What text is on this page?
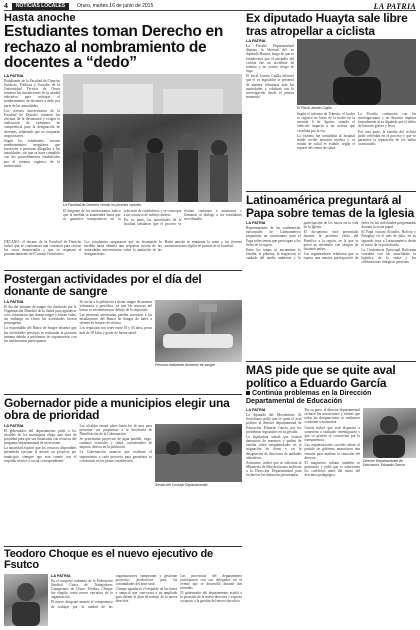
4	NOTICIAS LOCALES	Oruro, martes 16 de junio de 2015	LA PATRIA
Hasta anoche
Estudiantes toman Derecho en rechazo al nombramiento de docentes a “dedo”
LA PATRIA

Estudiantes de la Facultad de Ciencias Jurídicas, Políticas y Sociales de la Universidad Técnica de Oruro tomaron las instalaciones de su unidad educativa para rechazar el nombramiento de docentes a dedo por parte de las autoridades.

Los jóvenes universitarios de la Facultad de Derecho tomaron las oficinas de la decanatura y exigen la realización de exámenes de competencia para la designación de docentes, señalando que no aceptarán imposiciones.

Según los estudiantes, existen nombramientos irregulares que favorecen a personas allegadas a las autoridades, sin que se haya cumplido con los procedimientos establecidos por el estatuto orgánico de la universidad.

La Facultad de Derecho cercan los jóvenes varones

El dirigente de los universitarios indicó que la medida se mantendrá hasta que se garantice transparencia en la selección de catedráticos y se convoque a un concurso de méritos abierto.

Por su parte, las autoridades de la facultad señalaron que el proceso se realizó conforme a normativa y llamaron al diálogo a los estudiantes movilizados.

DECANO: el decano de la Facultad de Derecho indicó que se conformará una comisión para revisar los casos denunciados y que se respetará el pronunciamiento del Consejo Facultativo.

Los estudiantes aseguraron que no levantarán la medida hasta obtener una respuesta escrita de las autoridades universitarias sobre la anulación de las designaciones.

Hasta anoche se mantenía la toma y los jóvenes anunciaron una vigilia en puertas de la facultad.

Postergan actividades por el día del donante de sangre
LA PATRIA

El día del donante de sangre fue instituido por la Organización Mundial de la Salud para agradecer a los voluntarios que donan sangre y salvan vidas, sin embargo en Oruro las actividades fueron postergadas.

La responsable del Banco de Sangre informó que las actividades previstas se realizarán la próxima semana debido a problemas de organización con las instituciones participantes.

Se invita a la población a donar sangre de manera voluntaria y periódica, ya que las reservas del banco se encuentran por debajo de lo requerido.

Las personas interesadas pueden acercarse a las instalaciones del Banco de Sangre de lunes a viernes en horario de oficina.

Los requisitos son tener entre 18 y 65 años, pesar más de 50 kilos y gozar de buena salud.

Persona realizando donación de sangre
Gobernador pide a municipios elegir una obra de prioridad
LA PATRIA

El gobernador del departamento pidió a los alcaldes de los municipios elegir una obra de prioridad para que sea financiada con recursos del programa departamental de inversiones.

La autoridad explicó que los recursos disponibles permitirán ejecutar al menos un proyecto por municipio, siempre que este cuente con el respaldo técnico y social correspondiente.

Los alcaldes tienen plazo hasta fin de mes para presentar sus propuestas a la Secretaría de Planificación de la Gobernación.

Se priorizarán proyectos de agua potable, riego, caminos vecinales y salud, considerados de impacto directo en la población.

La Gobernación anunció que realizará el seguimiento a cada proyecto para garantizar su conclusión en los plazos establecidos.

Sesión del Consejo Departamental
Teodoro Choque es el nuevo ejecutivo de Fsutco
LA PATRIA

En el congreso ordinario de la Federación Sindical Única de Trabajadores Campesinos de Oruro, Teodoro Choque fue elegido como nuevo ejecutivo de la organización.

El nuevo dirigente asumió el compromiso de trabajar por la unidad de las organizaciones campesinas y gestionar proyectos productivos para las comunidades del área rural.

Choque agradeció el respaldo de las bases y anunció que convocará a un ampliado para definir el plan de trabajo de la nueva directiva.

Las provincias del departamento participaron con sus delegados en el evento que se desarrolló durante dos jornadas.

El gobernador del departamento asistió a la posesión de la nueva directiva y expresó su apoyo a la gestión del nuevo ejecutivo.

Ex diputado Huayta sale libre tras atropellar a ciclista
LA PATRIA

La Fiscalía Departamental dispuso la libertad del ex diputado Huayta, luego de que se estableciera que el atropello del ciclista fue un accidente de tránsito y no existía riesgo de fuga.

El fiscal Jacinto Cajilla informó que el ex legislador se presentó de manera voluntaria ante las autoridades y colaboró con la investigación desde el primer momento.

El Fiscal Jacinto Cajilla

Según el informe de Tránsito, el hecho se registró en horas de la noche en la avenida 6 de Agosto, cuando el vehículo impactó a un ciclista que circulaba por la vía.

La víctima fue trasladada al hospital donde recibe atención médica y su estado de salud es estable, según el reporte del centro de salud.

La Fiscalía continuará con las investigaciones y no descarta imputar formalmente al ex diputado por el delito de lesiones graves y leves.

Por otra parte, la familia del ciclista pidió celeridad en el proceso y que se garantice la reparación de los daños ocasionados.

Latinoamérica preguntará al Papa sobre temas de la Iglesia
LA PATRIA

Representantes de las conferencias episcopales de Latinoamérica prepararán un cuestionario para el Papa sobre temas que preocupan a los fieles de la región.

Entre los temas se encuentran la familia, la pobreza, la migración, el cuidado del medio ambiente y la participación de los laicos en la vida de la Iglesia.

El documento será presentado durante la próxima visita del Pontífice a la región, en la que se prevé un encuentro con obispos de distintos países.

Los organizadores señalaron que se espera una masiva participación de fieles en las actividades programadas durante la visita papal.

El Papa visitará Ecuador, Bolivia y Paraguay en el mes de julio, en su segundo viaje a Latinoamérica desde el inicio de su pontificado.

La Conferencia Episcopal Boliviana coordina con las autoridades la logística de la visita y las celebraciones litúrgicas previstas.

MAS pide que se quite aval político a Eduardo García
Continúa problemas en la Dirección Departamental de Educación
LA PATRIA

La diputada del Movimiento Al Socialismo pidió que se quite el aval político al director departamental de Educación, Eduardo García, por los problemas registrados en su gestión.

La legisladora señaló que existen denuncias de maestros y padres de familia sobre irregularidades en la asignación de ítems y en la designación de directores de unidades educativas.

Asimismo, indicó que se solicitará al Ministerio de Educación una auditoría a la Dirección Departamental para esclarecer las denuncias presentadas.

Por su parte, el director departamental rechazó las acusaciones y afirmó que todas las designaciones se realizaron conforme a normativa.

García indicó que está dispuesto a someterse a cualquier investigación y que su gestión se caracteriza por la transparencia.

Las organizaciones sociales afines al partido de gobierno anunciaron una reunión para analizar la situación del director.

El magisterio urbano también se pronunció y pidió que se solucionen los conflictos antes del inicio del descanso pedagógico.

Director Departamental de Educación, Eduardo García
